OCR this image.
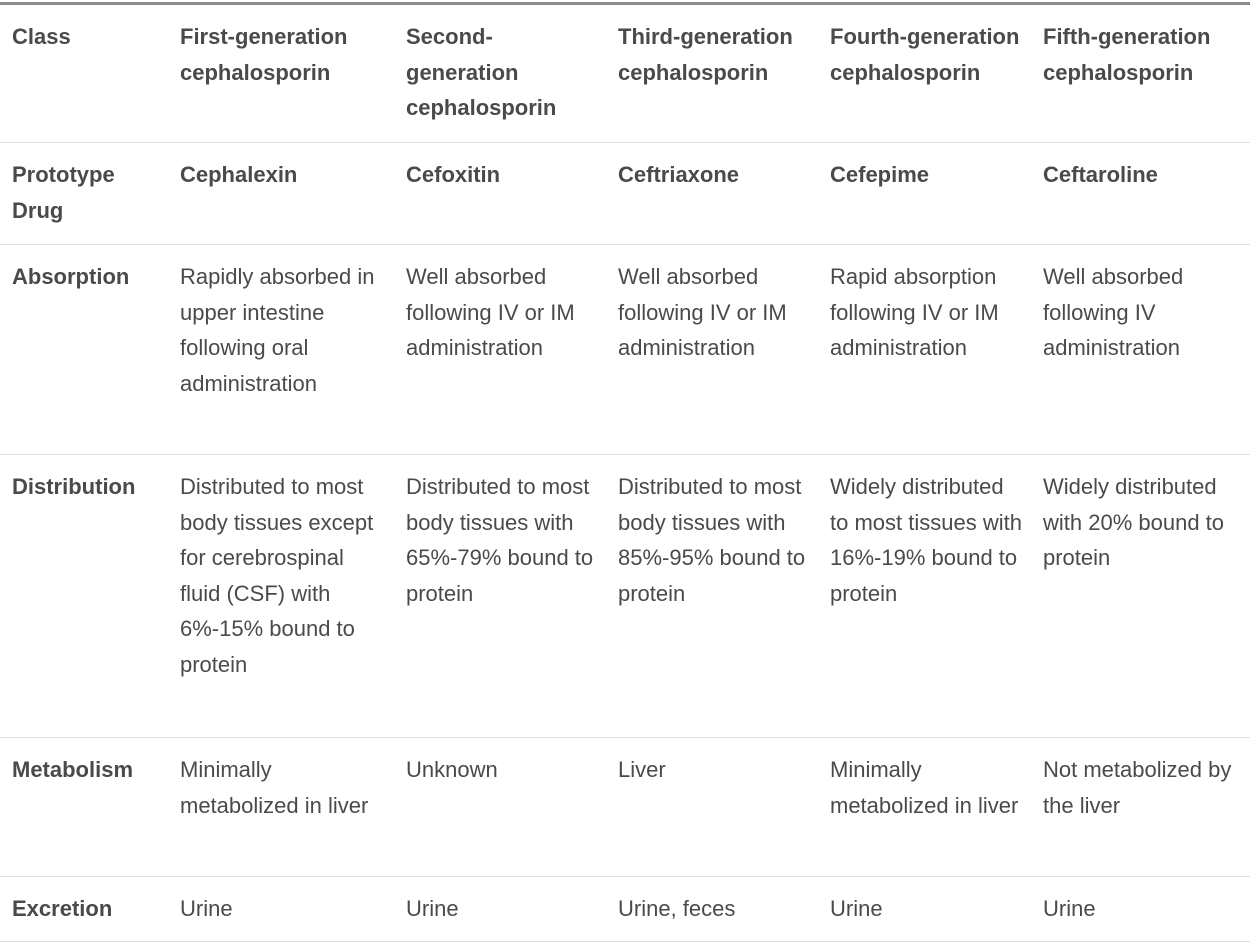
Class	First-generation cephalosporin	Second-generation cephalosporin	Third-generation cephalosporin	Fourth-generation cephalosporin	Fifth-generation cephalosporin
Prototype Drug	Cephalexin	Cefoxitin	Ceftriaxone	Cefepime	Ceftaroline
Absorption	Rapidly absorbed in upper intestine following oral administration	Well absorbed following IV or IM administration	Well absorbed following IV or IM administration	Rapid absorption following IV or IM administration	Well absorbed following IV administration
Distribution	Distributed to most body tissues except for cerebrospinal fluid (CSF) with 6%-15% bound to protein	Distributed to most body tissues with 65%-79% bound to protein	Distributed to most body tissues with 85%-95% bound to protein	Widely distributed to most tissues with 16%-19% bound to protein	Widely distributed with 20% bound to protein
Metabolism	Minimally metabolized in liver	Unknown	Liver	Minimally metabolized in liver	Not metabolized by the liver
Excretion	Urine	Urine	Urine, feces	Urine	Urine
